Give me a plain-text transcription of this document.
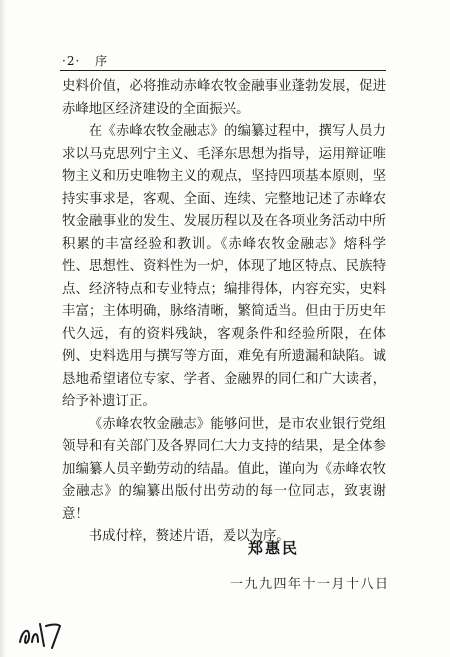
·2· 序

史料价值，必将推动赤峰农牧金融事业蓬勃发展，促进赤峰地区经济建设的全面振兴。

在《赤峰农牧金融志》的编纂过程中，撰写人员力求以马克思列宁主义、毛泽东思想为指导，运用辩证唯物主义和历史唯物主义的观点，坚持四项基本原则，坚持实事求是，客观、全面、连续、完整地记述了赤峰农牧金融事业的发生、发展历程以及在各项业务活动中所积累的丰富经验和教训。《赤峰农牧金融志》熔科学性、思想性、资料性为一炉，体现了地区特点、民族特点、经济特点和专业特点；编排得体，内容充实，史料丰富；主体明确，脉络清晰，繁简适当。但由于历史年代久远，有的资料残缺，客观条件和经验所限，在体例、史料选用与撰写等方面，难免有所遗漏和缺陷。诚恳地希望诸位专家、学者、金融界的同仁和广大读者，给予补遗订正。

《赤峰农牧金融志》能够问世，是市农业银行党组领导和有关部门及各界同仁大力支持的结果，是全体参加编纂人员辛勤劳动的结晶。值此，谨向为《赤峰农牧金融志》的编纂出版付出劳动的每一位同志，致衷谢意！

书成付梓，赘述片语，爰以为序。

郑惠民
一九九四年十一月十八日
